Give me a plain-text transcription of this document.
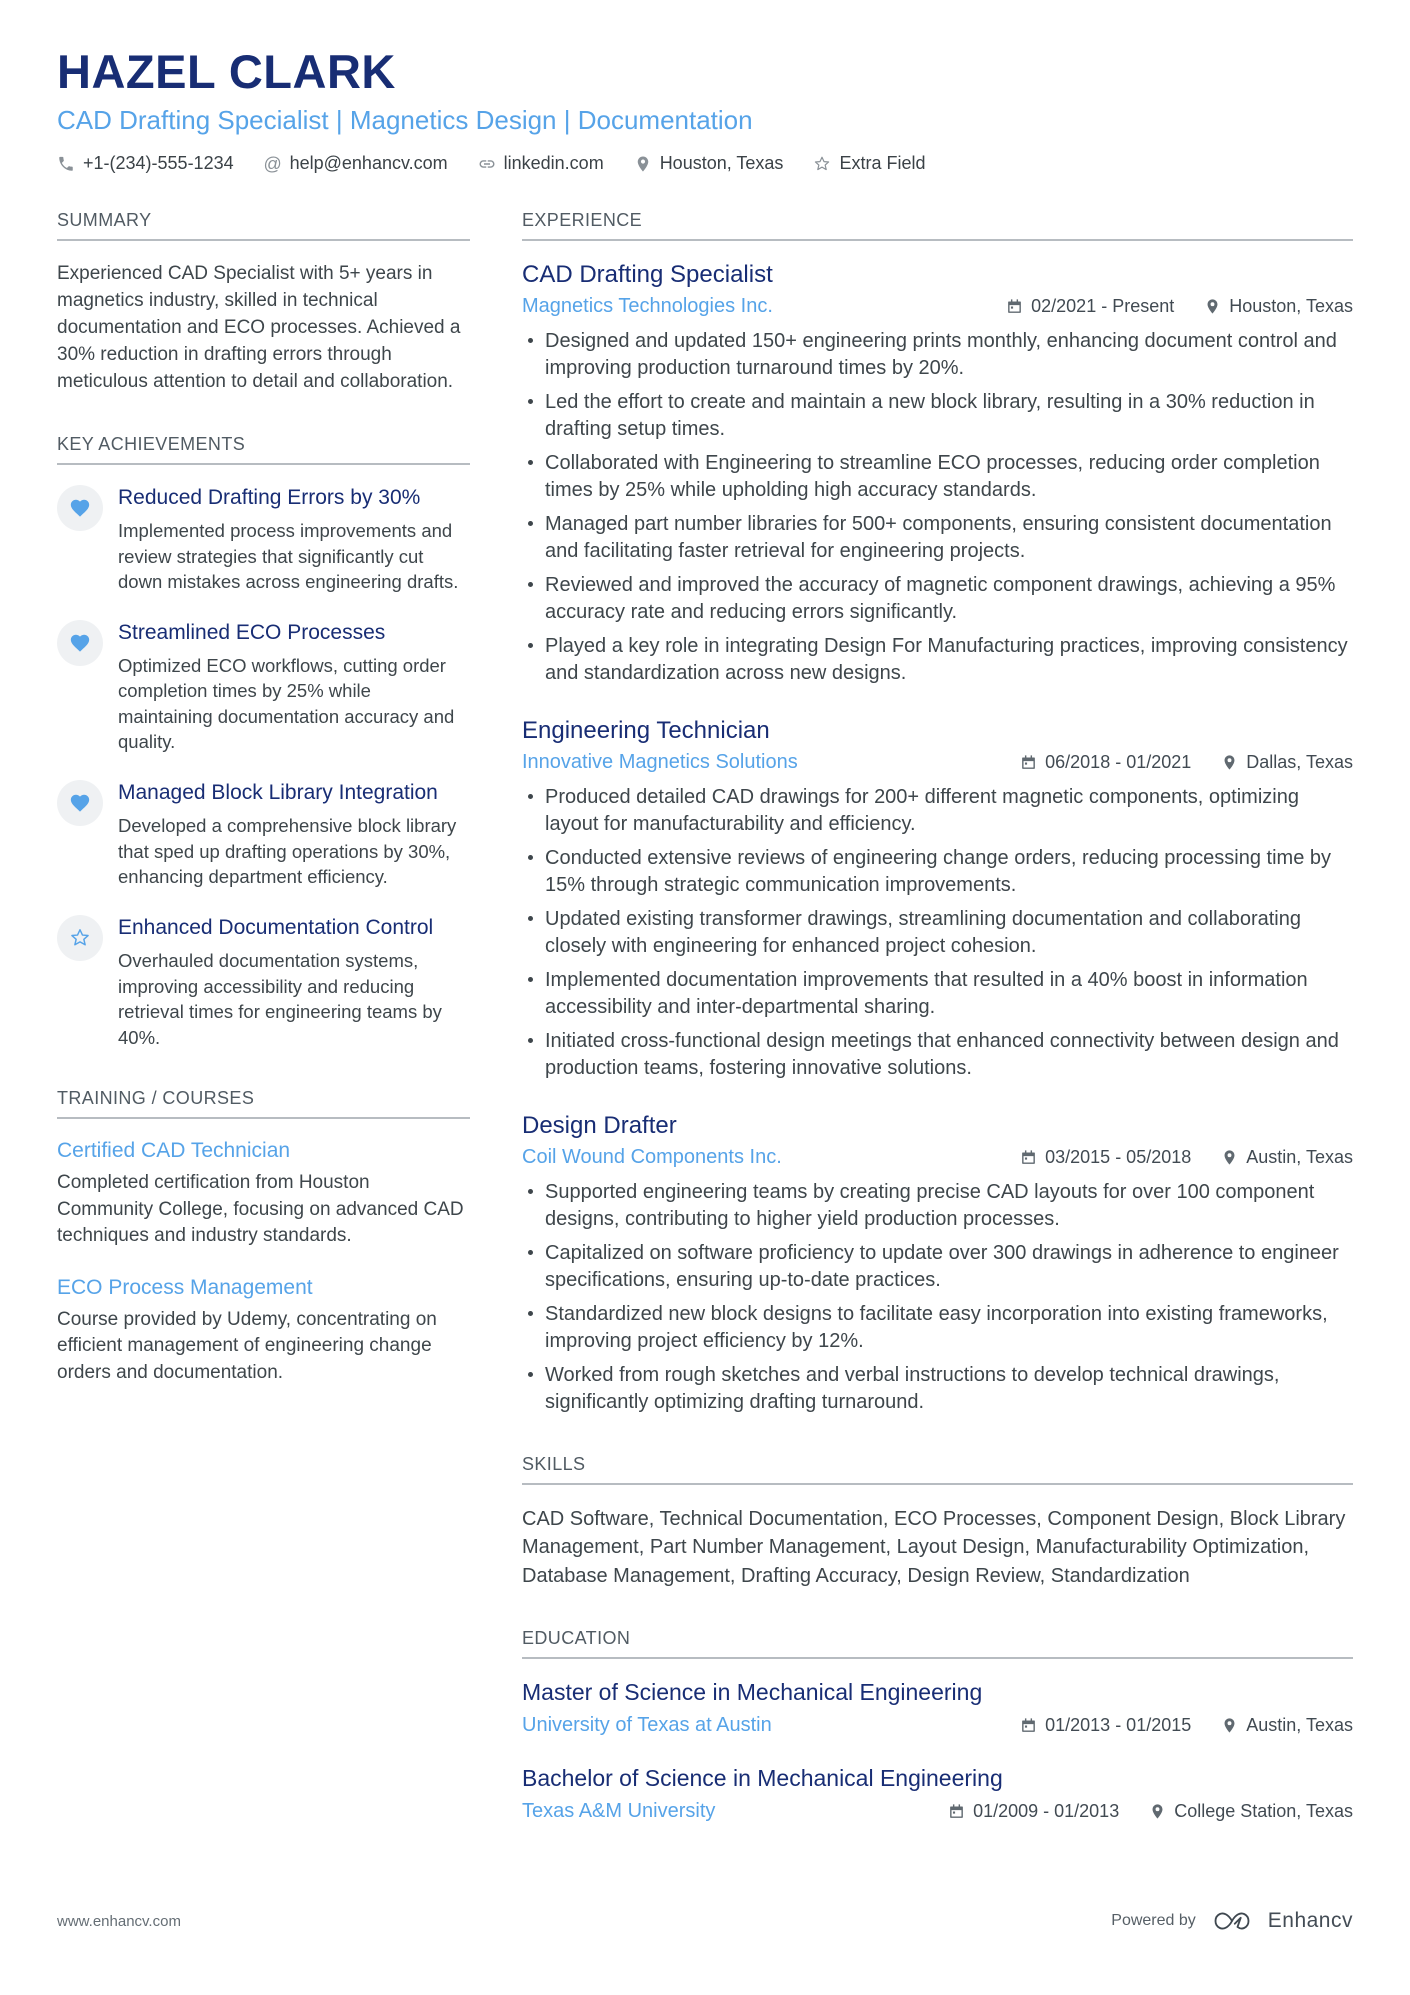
HAZEL CLARK
CAD Drafting Specialist | Magnetics Design | Documentation
+1-(234)-555-1234 @ help@enhancv.com	linkedin.com	Houston, Texas	Extra Field
SUMMARY
Experienced CAD Specialist with 5+ years in magnetics industry, skilled in technical documentation and ECO processes. Achieved a 30% reduction in drafting errors through meticulous attention to detail and collaboration.
KEY ACHIEVEMENTS
Reduced Drafting Errors by 30%
Implemented process improvements and review strategies that significantly cut down mistakes across engineering drafts.
Streamlined ECO Processes
Optimized ECO workflows, cutting order completion times by 25% while maintaining documentation accuracy and quality.
Managed Block Library Integration
Developed a comprehensive block library that sped up drafting operations by 30%, enhancing department efficiency.
Enhanced Documentation Control
Overhauled documentation systems, improving accessibility and reducing retrieval times for engineering teams by 40%.
TRAINING / COURSES
Certified CAD Technician
Completed certification from Houston Community College, focusing on advanced CAD techniques and industry standards.
ECO Process Management
Course provided by Udemy, concentrating on efficient management of engineering change orders and documentation.
EXPERIENCE
CAD Drafting Specialist
Magnetics Technologies Inc.	02/2021 - Present	Houston, Texas
Designed and updated 150+ engineering prints monthly, enhancing document control and improving production turnaround times by 20%.
Led the effort to create and maintain a new block library, resulting in a 30% reduction in drafting setup times.
Collaborated with Engineering to streamline ECO processes, reducing order completion times by 25% while upholding high accuracy standards.
Managed part number libraries for 500+ components, ensuring consistent documentation and facilitating faster retrieval for engineering projects.
Reviewed and improved the accuracy of magnetic component drawings, achieving a 95% accuracy rate and reducing errors significantly.
Played a key role in integrating Design For Manufacturing practices, improving consistency and standardization across new designs.
Engineering Technician
Innovative Magnetics Solutions	06/2018 - 01/2021	Dallas, Texas
Produced detailed CAD drawings for 200+ different magnetic components, optimizing layout for manufacturability and efficiency.
Conducted extensive reviews of engineering change orders, reducing processing time by 15% through strategic communication improvements.
Updated existing transformer drawings, streamlining documentation and collaborating closely with engineering for enhanced project cohesion.
Implemented documentation improvements that resulted in a 40% boost in information accessibility and inter-departmental sharing.
Initiated cross-functional design meetings that enhanced connectivity between design and production teams, fostering innovative solutions.
Design Drafter
Coil Wound Components Inc.	03/2015 - 05/2018	Austin, Texas
Supported engineering teams by creating precise CAD layouts for over 100 component designs, contributing to higher yield production processes.
Capitalized on software proficiency to update over 300 drawings in adherence to engineer specifications, ensuring up-to-date practices.
Standardized new block designs to facilitate easy incorporation into existing frameworks, improving project efficiency by 12%.
Worked from rough sketches and verbal instructions to develop technical drawings, significantly optimizing drafting turnaround.
SKILLS
CAD Software, Technical Documentation, ECO Processes, Component Design, Block Library Management, Part Number Management, Layout Design, Manufacturability Optimization, Database Management, Drafting Accuracy, Design Review, Standardization
EDUCATION
Master of Science in Mechanical Engineering
University of Texas at Austin	01/2013 - 01/2015	Austin, Texas
Bachelor of Science in Mechanical Engineering
Texas A&M University	01/2009 - 01/2013	College Station, Texas
www.enhancv.com	Powered by	Enhancv
